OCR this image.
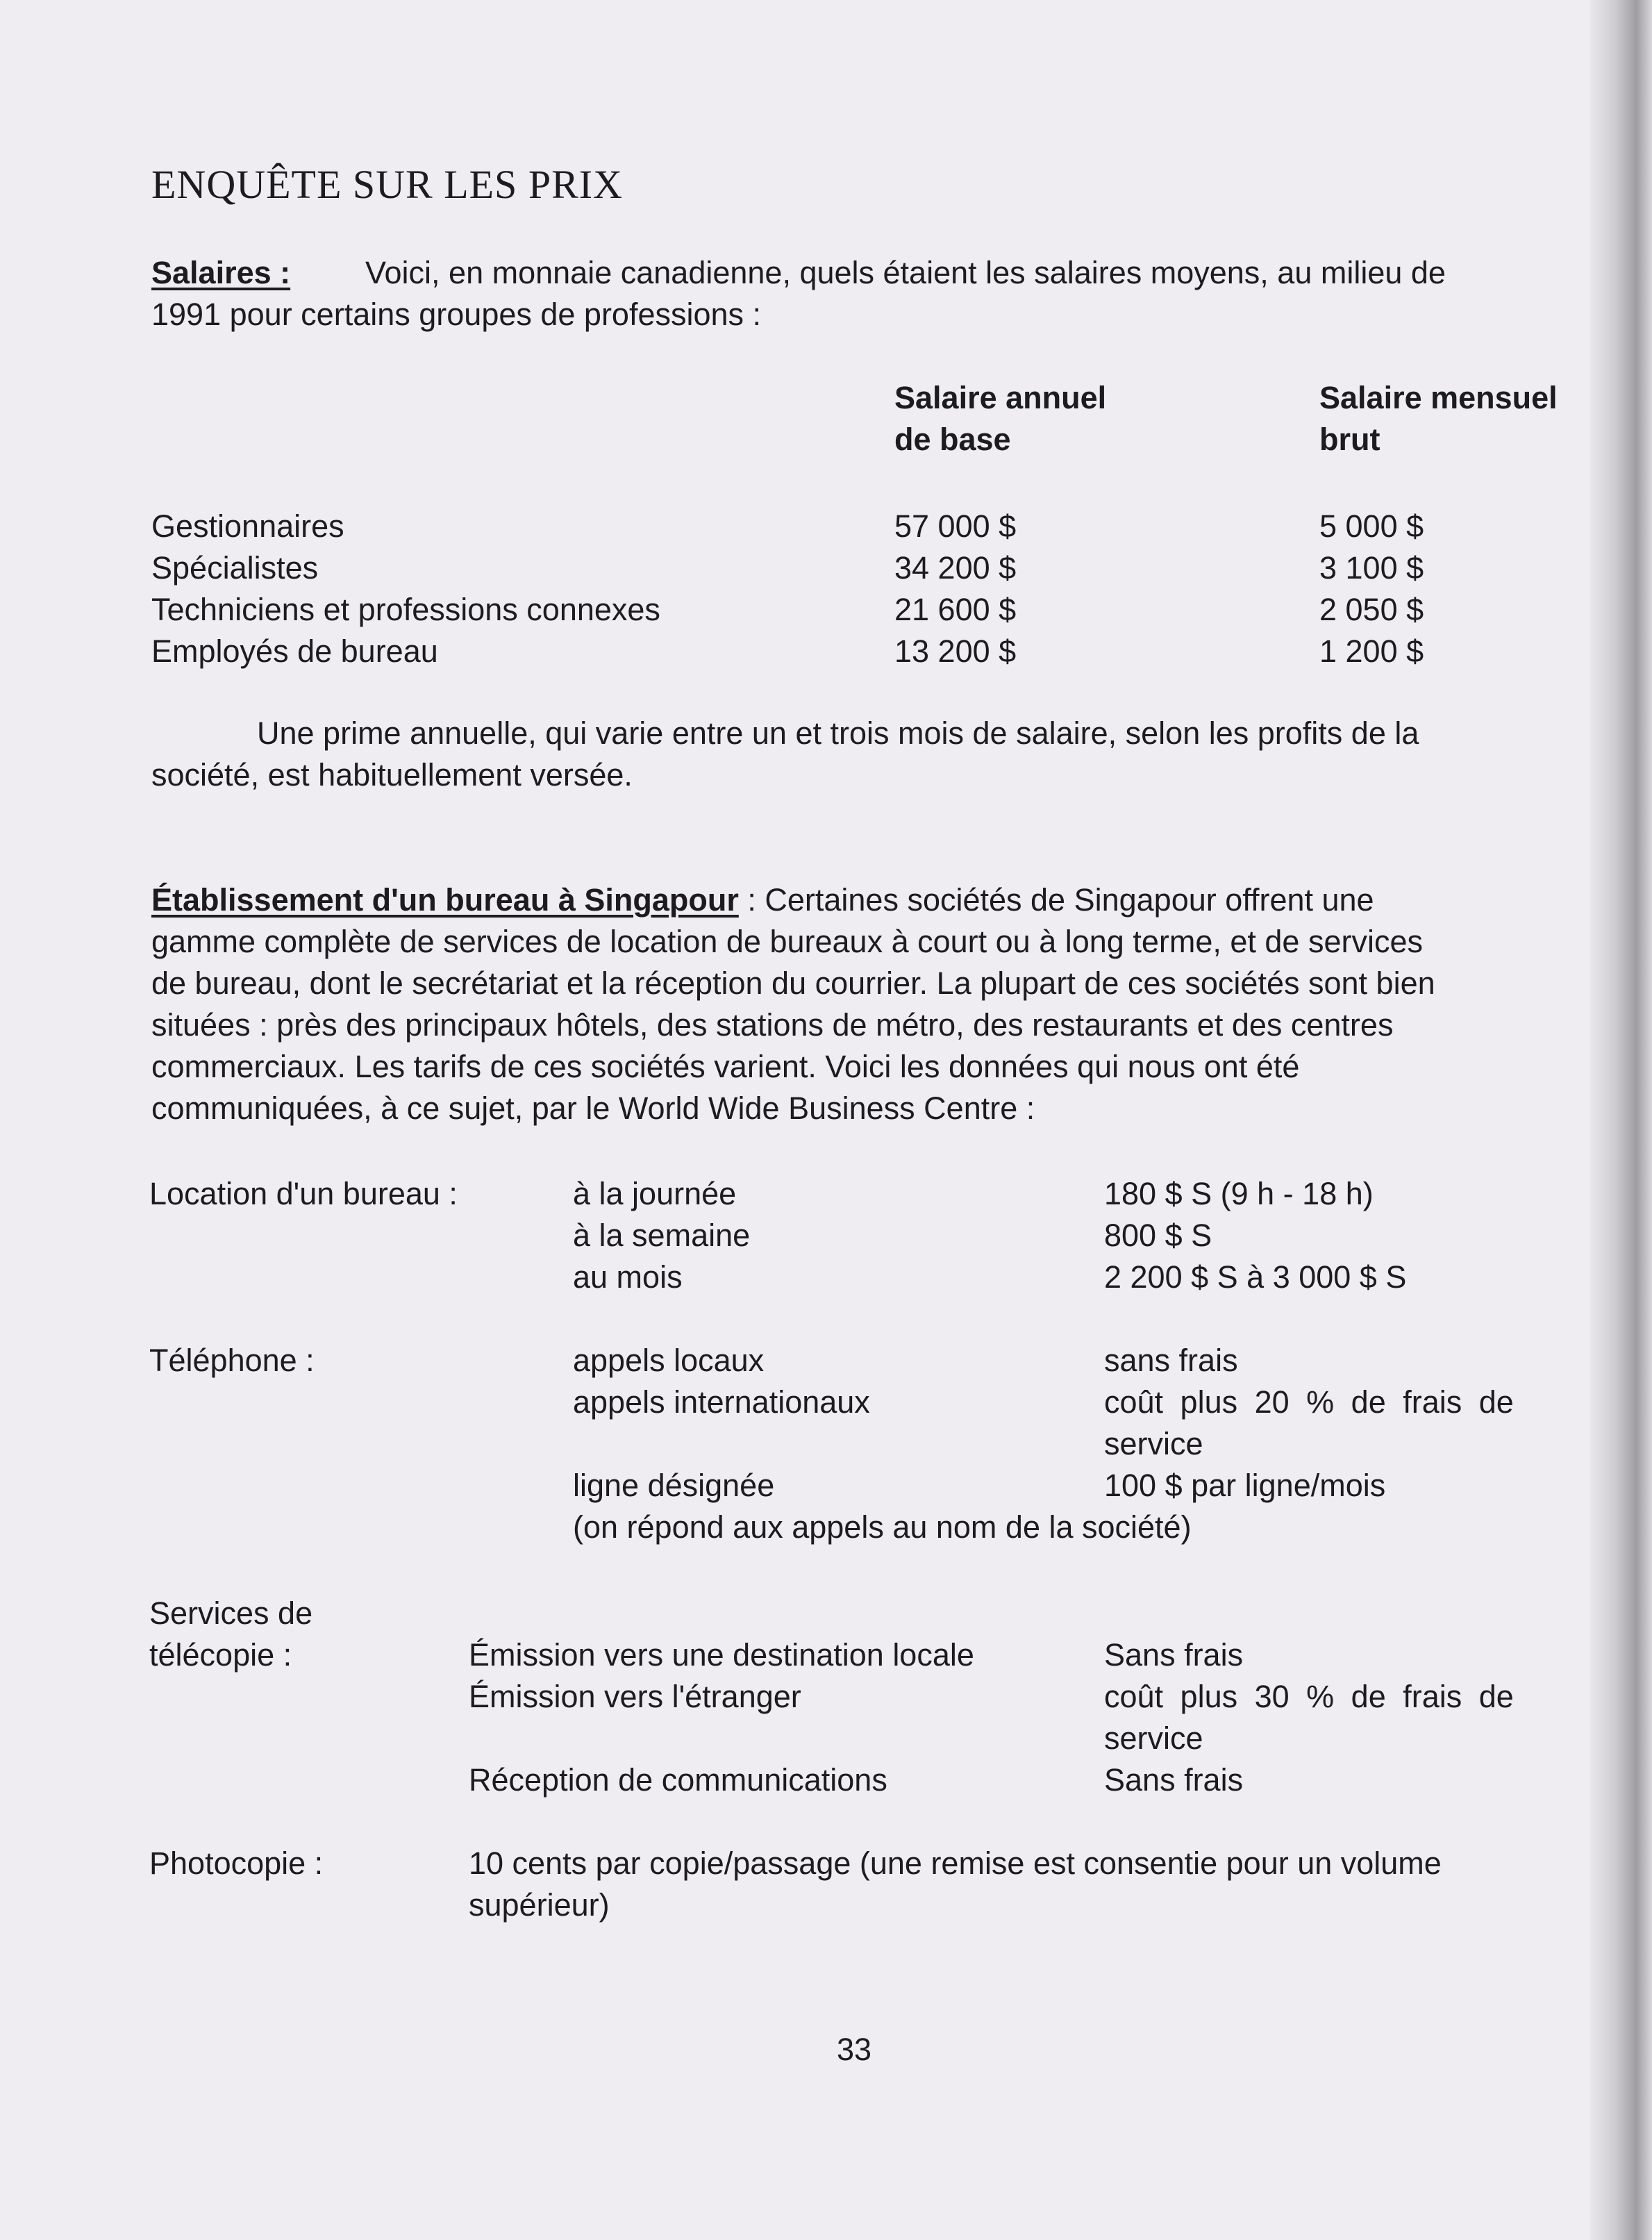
ENQUÊTE SUR LES PRIX
Salaires : Voici, en monnaie canadienne, quels étaient les salaires moyens, au milieu de
1991 pour certains groupes de professions :
Salaire annuel
de base
Salaire mensuel
brut
Gestionnaires	57 000 $	5 000 $
Spécialistes	34 200 $	3 100 $
Techniciens et professions connexes	21 600 $	2 050 $
Employés de bureau	13 200 $	1 200 $
Une prime annuelle, qui varie entre un et trois mois de salaire, selon les profits de la
société, est habituellement versée.
Établissement d'un bureau à Singapour : Certaines sociétés de Singapour offrent une
gamme complète de services de location de bureaux à court ou à long terme, et de services
de bureau, dont le secrétariat et la réception du courrier. La plupart de ces sociétés sont bien
situées : près des principaux hôtels, des stations de métro, des restaurants et des centres
commerciaux. Les tarifs de ces sociétés varient. Voici les données qui nous ont été
communiquées, à ce sujet, par le World Wide Business Centre :
Location d'un bureau :	à la journée	180 $ S (9 h - 18 h)
à la semaine	800 $ S
au mois	2 200 $ S à 3 000 $ S
Téléphone :	appels locaux	sans frais
appels internationaux	coût plus 20 % de frais de
service
ligne désignée	100 $ par ligne/mois
(on répond aux appels au nom de la société)
Services de
télécopie :	Émission vers une destination locale	Sans frais
Émission vers l'étranger	coût plus 30 % de frais de
service
Réception de communications	Sans frais
Photocopie :	10 cents par copie/passage (une remise est consentie pour un volume
supérieur)
33
